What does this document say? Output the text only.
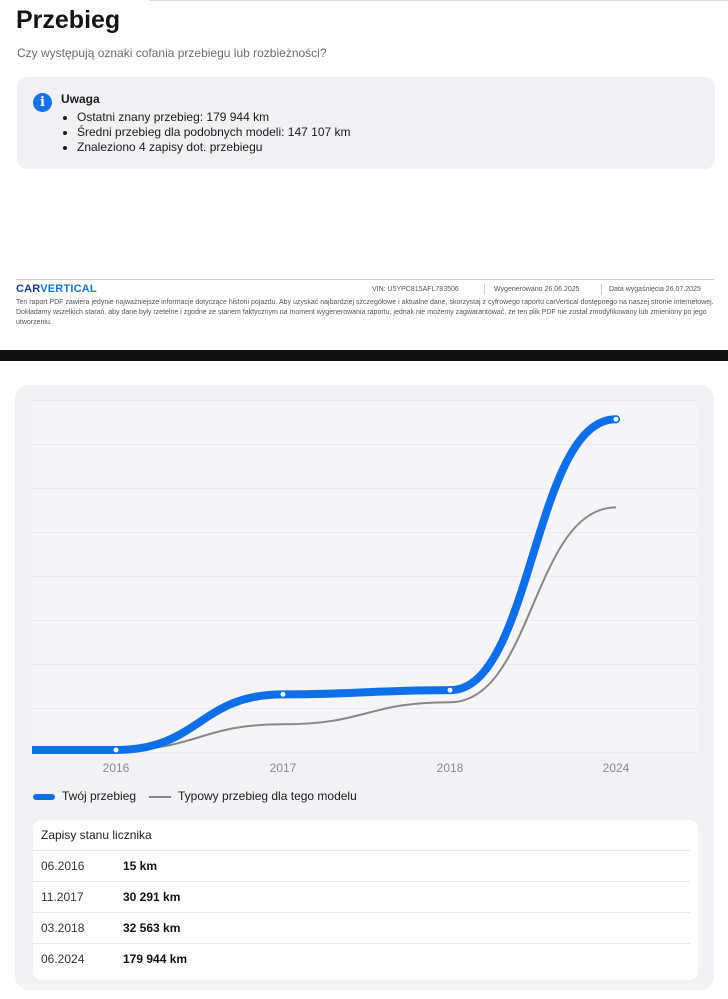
Przebieg
Czy występują oznaki cofania przebiegu lub rozbieżności?
i	Uwaga
• Ostatni znany przebieg: 179 944 km
• Średni przebieg dla podobnych modeli: 147 107 km
• Znaleziono 4 zapisy dot. przebiegu
CARVERTICAL	VIN: U5YPC815AFL783506	Wygenerowano 26.06.2025	Data wygaśnięcia 26.07.2025
Ten raport PDF zawiera jedynie najważniejsze informacje dotyczące historii pojazdu. Aby uzyskać najbardziej szczegółowe i aktualne dane, skorzystaj z cyfrowego raportu carVertical dostępnego na naszej stronie internetowej. Dokładamy wszelkich starań, aby dane były rzetelne i zgodne ze stanem faktycznym na moment wygenerowania raportu, jednak nie możemy zagwarantować, że ten plik PDF nie został zmodyfikowany lub zmieniony po jego utworzeniu.
2016	2017	2018	2024
Twój przebieg	Typowy przebieg dla tego modelu
Zapisy stanu licznika
06.2016	15 km
11.2017	30 291 km
03.2018	32 563 km
06.2024	179 944 km
